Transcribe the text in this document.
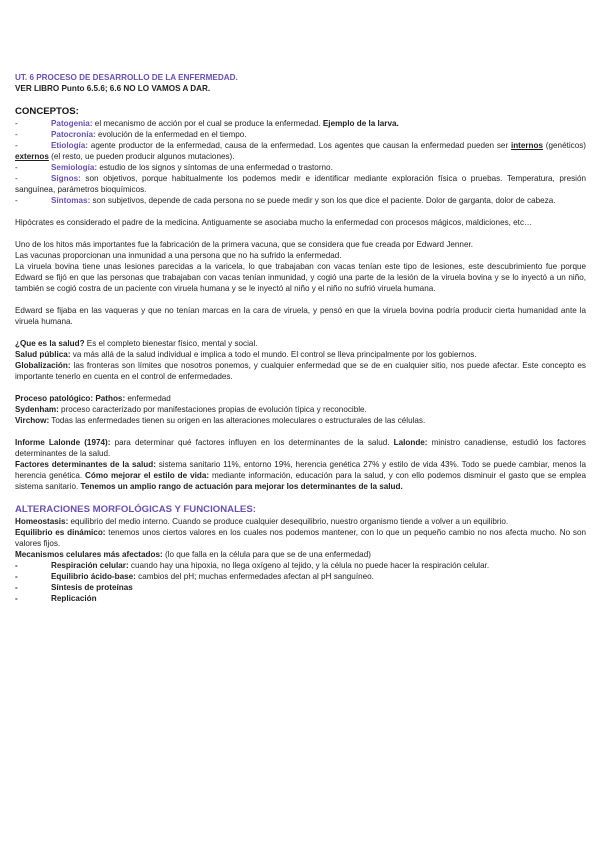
UT. 6 PROCESO DE DESARROLLO DE LA ENFERMEDAD.

VER LIBRO Punto 6.5.6; 6.6 NO LO VAMOS A DAR.

CONCEPTOS:

-	Patogenia: el mecanismo de acción por el cual se produce la enfermedad. Ejemplo de la larva.

-	Patocronía: evolución de la enfermedad en el tiempo.

-	Etiología: agente productor de la enfermedad, causa de la enfermedad. Los agentes que causan la enfermedad pueden ser internos (genéticos) externos (el resto, ue pueden producir algunos mutaciones).

-	Semiología: estudio de los signos y síntomas de una enfermedad o trastorno.

-	Signos: son objetivos, porque habitualmente los podemos medir e identificar mediante exploración física o pruebas. Temperatura, presión sanguínea, parámetros bioquímicos.

-	Síntomas: son subjetivos, depende de cada persona no se puede medir y son los que dice el paciente. Dolor de garganta, dolor de cabeza.

Hipócrates es considerado el padre de la medicina. Antiguamente se asociaba mucho la enfermedad con procesos mágicos, maldiciones, etc…

Uno de los hitos más importantes fue la fabricación de la primera vacuna, que se considera que fue creada por Edward Jenner.

Las vacunas proporcionan una inmunidad a una persona que no ha sufrido la enfermedad.

La viruela bovina tiene unas lesiones parecidas a la varicela, lo que trabajaban con vacas tenían este tipo de lesiones, este descubrimiento fue porque Edward se fijó en que las personas que trabajaban con vacas tenían inmunidad, y cogió una parte de la lesión de la viruela bovina y se lo inyectó a un niño, también se cogió costra de un paciente con viruela humana y se le inyectó al niño y el niño no sufrió viruela humana.

Edward se fijaba en las vaqueras y que no tenían marcas en la cara de viruela, y pensó en que la viruela bovina podría producir cierta humanidad ante la viruela humana.

¿Que es la salud? Es el completo bienestar físico, mental y social.

Salud pública: va más allá de la salud individual e implica a todo el mundo. El control se lleva principalmente por los gobiernos.

Globalización: las fronteras son límites que nosotros ponemos, y cualquier enfermedad que se de en cualquier sitio, nos puede afectar. Este concepto es importante tenerlo en cuenta en el control de enfermedades.

Proceso patológico: Pathos: enfermedad

Sydenham: proceso caracterizado por manifestaciones propias de evolución típica y reconocible.

Virchow: Todas las enfermedades tienen su origen en las alteraciones moleculares o estructurales de las células.

Informe Lalonde (1974): para determinar qué factores influyen en los determinantes de la salud. Lalonde: ministro canadiense, estudió los factores determinantes de la salud.

Factores determinantes de la salud: sistema sanitario 11%, entorno 19%, herencia genética 27% y estilo de vida 43%. Todo se puede cambiar, menos la herencia genética. Cómo mejorar el estilo de vida: mediante información, educación para la salud, y con ello podemos disminuir el gasto que se emplea sistema sanitario. Tenemos un amplio rango de actuación para mejorar los determinantes de la salud.

ALTERACIONES MORFOLÓGICAS Y FUNCIONALES:

Homeostasis: equilibrio del medio interno. Cuando se produce cualquier desequilibrio, nuestro organismo tiende a volver a un equilibrio.

Equilibrio es dinámico: tenemos unos ciertos valores en los cuales nos podemos mantener, con lo que un pequeño cambio no nos afecta mucho. No son valores fijos.

Mecanismos celulares más afectados: (lo que falla en la célula para que se de una enfermedad)

-	Respiración celular: cuando hay una hipoxia, no llega oxígeno al tejido, y la célula no puede hacer la respiración celular.

-	Equilibrio ácido-base: cambios del pH; muchas enfermedades afectan al pH sanguíneo.

-	Síntesis de proteínas

-	Replicación
